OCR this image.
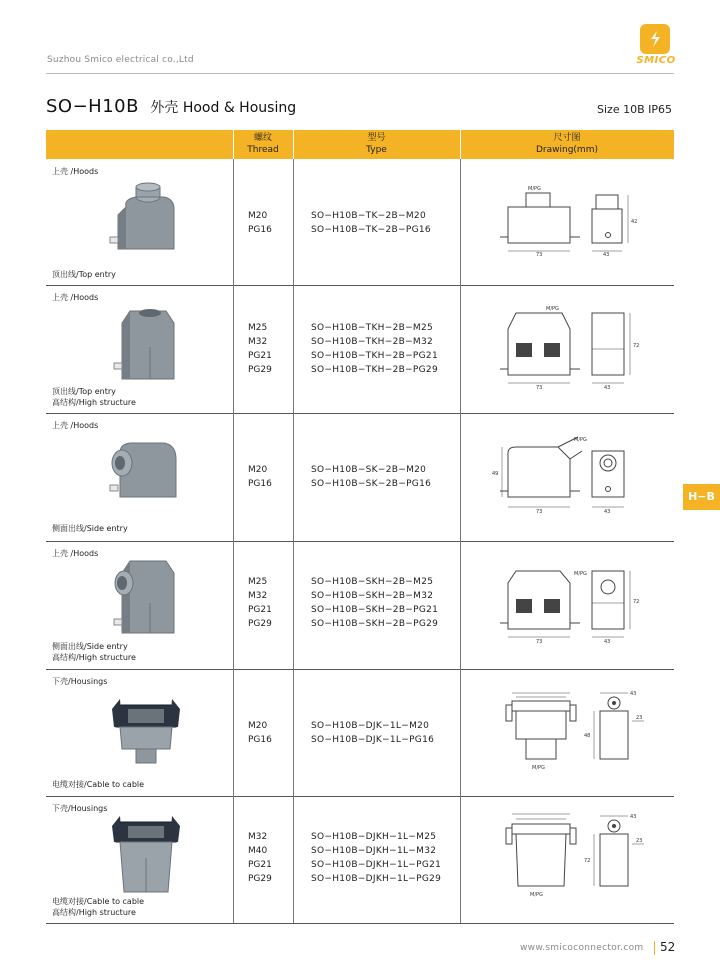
Suzhou Smico electrical co.,Ltd	SMICO
SO−H10B 外壳 Hood & Housing	Size 10B IP65
螺纹
Thread
型号
Type
尺寸图
Drawing(mm)
上壳 /Hoods
顶出线/Top entry
M20
PG16
SO−H10B−TK−2B−M20
SO−H10B−TK−2B−PG16
73
M/PG
43
42
上壳 /Hoods
顶出线/Top entry
高结构/High structure
M25
M32
PG21
PG29
SO−H10B−TKH−2B−M25
SO−H10B−TKH−2B−M32
SO−H10B−TKH−2B−PG21
SO−H10B−TKH−2B−PG29
73
M/PG
43
72
上壳 /Hoods
侧面出线/Side entry
M20
PG16
SO−H10B−SK−2B−M20
SO−H10B−SK−2B−PG16
73
M/PG
43
49
上壳 /Hoods
侧面出线/Side entry
高结构/High structure
M25
M32
PG21
PG29
SO−H10B−SKH−2B−M25
SO−H10B−SKH−2B−M32
SO−H10B−SKH−2B−PG21
SO−H10B−SKH−2B−PG29
73
M/PG
43
72
下壳/Housings
电缆对接/Cable to cable
M20
PG16
SO−H10B−DJK−1L−M20
SO−H10B−DJK−1L−PG16
M/PG
43
23
48
下壳/Housings
电缆对接/Cable to cable
高结构/High structure
M32
M40
PG21
PG29
SO−H10B−DJKH−1L−M25
SO−H10B−DJKH−1L−M32
SO−H10B−DJKH−1L−PG21
SO−H10B−DJKH−1L−PG29
M/PG
43
23
72
H−B
www.smicoconnector.com 52
